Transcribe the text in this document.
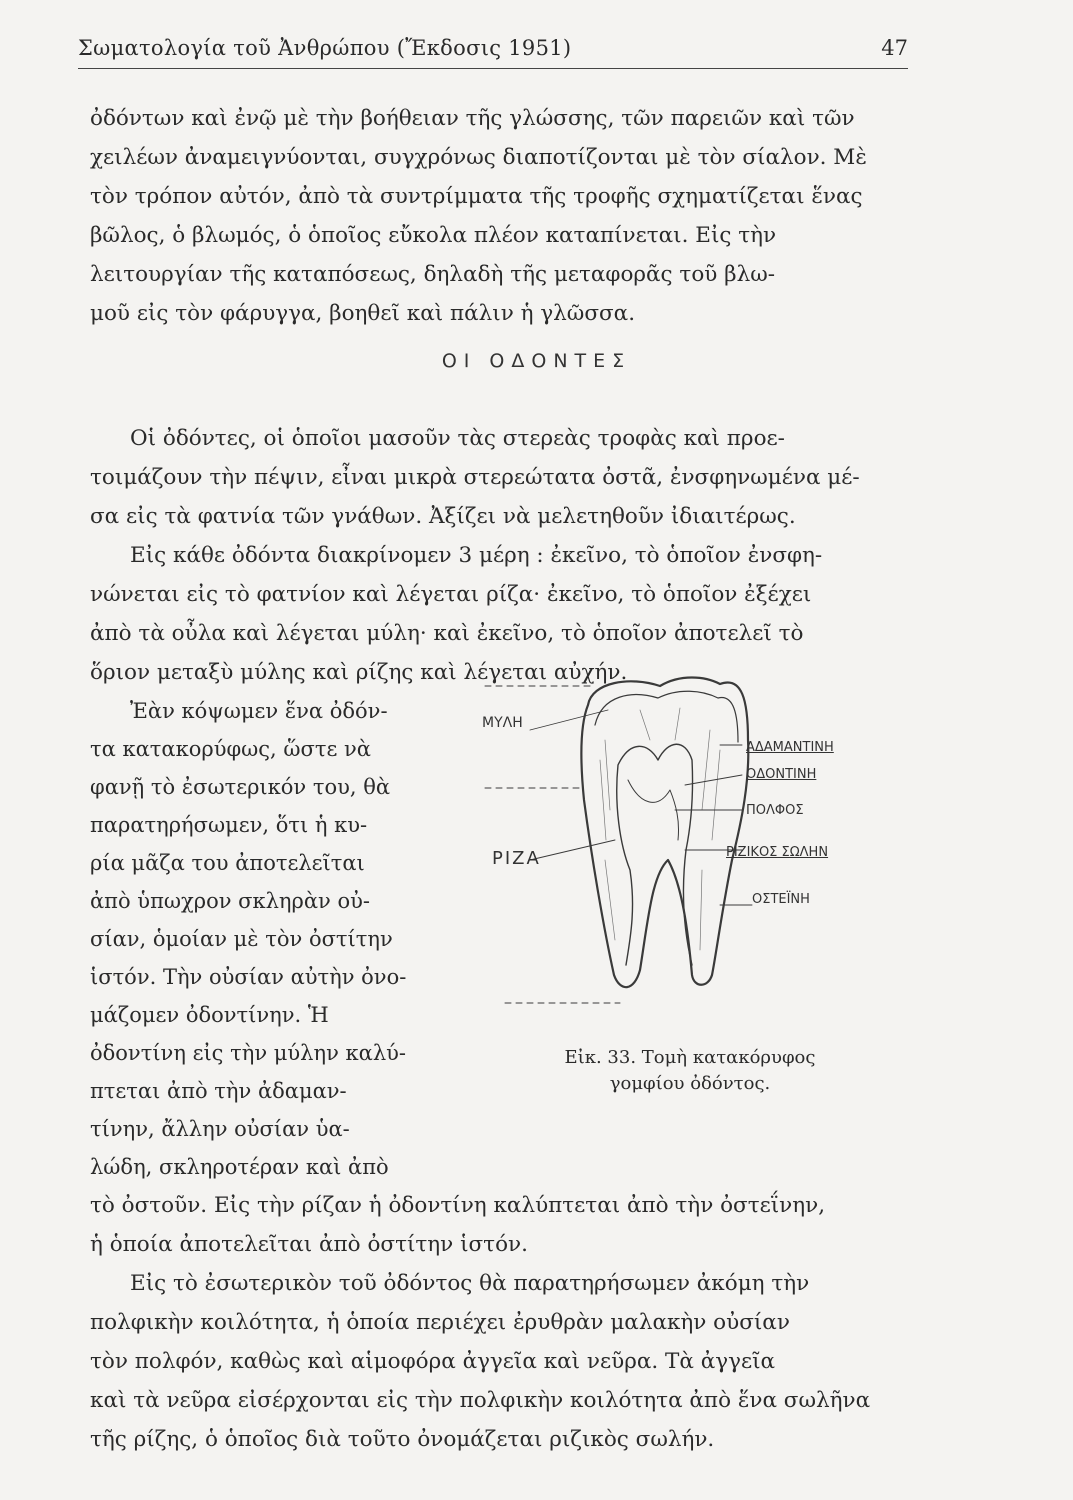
Σωματολογία τοῦ Ἀνθρώπου (Ἔκδοσις 1951)	47
ὀδόντων καὶ ἐνῷ μὲ τὴν βοήθειαν τῆς γλώσσης, τῶν παρειῶν καὶ τῶν
χειλέων ἀναμειγνύονται, συγχρόνως διαποτίζονται μὲ τὸν σίαλον. Μὲ
τὸν τρόπον αὐτόν, ἀπὸ τὰ συντρίμματα τῆς τροφῆς σχηματίζεται ἕνας
βῶλος, ὁ βλωμός, ὁ ὁποῖος εὔκολα πλέον καταπίνεται. Εἰς τὴν
λειτουργίαν τῆς καταπόσεως, δηλαδὴ τῆς μεταφορᾶς τοῦ βλω-
μοῦ εἰς τὸν φάρυγγα, βοηθεῖ καὶ πάλιν ἡ γλῶσσα.
ΟΙ ΟΔΟΝΤΕΣ
Οἱ ὀδόντες, οἱ ὁποῖοι μασοῦν τὰς στερεὰς τροφὰς καὶ προε-
τοιμάζουν τὴν πέψιν, εἶναι μικρὰ στερεώτατα ὀστᾶ, ἐνσφηνωμένα μέ-
σα εἰς τὰ φατνία τῶν γνάθων. Ἀξίζει νὰ μελετηθοῦν ἰδιαιτέρως.
Εἰς κάθε ὀδόντα διακρίνομεν 3 μέρη : ἐκεῖνο, τὸ ὁποῖον ἐνσφη-
νώνεται εἰς τὸ φατνίον καὶ λέγεται ρίζα· ἐκεῖνο, τὸ ὁποῖον ἐξέχει
ἀπὸ τὰ οὖλα καὶ λέγεται μύλη· καὶ ἐκεῖνο, τὸ ὁποῖον ἀποτελεῖ τὸ
ὅριον μεταξὺ μύλης καὶ ρίζης καὶ λέγεται αὐχήν.
Ἐὰν κόψωμεν ἕνα ὀδόν-
τα κατακορύφως, ὥστε νὰ
φανῇ τὸ ἐσωτερικόν του, θὰ
παρατηρήσωμεν, ὅτι ἡ κυ-
ρία μᾶζα του ἀποτελεῖται
ἀπὸ ὑπωχρον σκληρὰν οὐ-
σίαν, ὁμοίαν μὲ τὸν ὀστίτην
ἱστόν. Τὴν οὐσίαν αὐτὴν ὀνο-
μάζομεν ὀδοντίνην. Ἡ
ὀδοντίνη εἰς τὴν μύλην καλύ-
πτεται ἀπὸ τὴν ἀδαμαν-
τίνην, ἄλλην οὐσίαν ὑα-
λώδη, σκληροτέραν καὶ ἀπὸ
ΜΥΛΗ
ΡΙΖΑ
ΑΔΑΜΑΝΤΙΝΗ
ΟΔΟΝΤΙΝΗ
ΠΟΛΦΟΣ
ΡΙΖΙΚΟΣ ΣΩΛΗΝ
ΟΣΤΕΪΝΗ
Εἰκ. 33. Τομὴ κατακόρυφος
γομφίου ὀδόντος.
τὸ ὀστοῦν. Εἰς τὴν ρίζαν ἡ ὀδοντίνη καλύπτεται ἀπὸ τὴν ὀστεΐνην,
ἡ ὁποία ἀποτελεῖται ἀπὸ ὀστίτην ἱστόν.
Εἰς τὸ ἐσωτερικὸν τοῦ ὀδόντος θὰ παρατηρήσωμεν ἀκόμη τὴν
πολφικὴν κοιλότητα, ἡ ὁποία περιέχει ἐρυθρὰν μαλακὴν οὐσίαν
τὸν πολφόν, καθὼς καὶ αἱμοφόρα ἀγγεῖα καὶ νεῦρα. Τὰ ἀγγεῖα
καὶ τὰ νεῦρα εἰσέρχονται εἰς τὴν πολφικὴν κοιλότητα ἀπὸ ἕνα σωλῆνα
τῆς ρίζης, ὁ ὁποῖος διὰ τοῦτο ὀνομάζεται ριζικὸς σωλήν.
